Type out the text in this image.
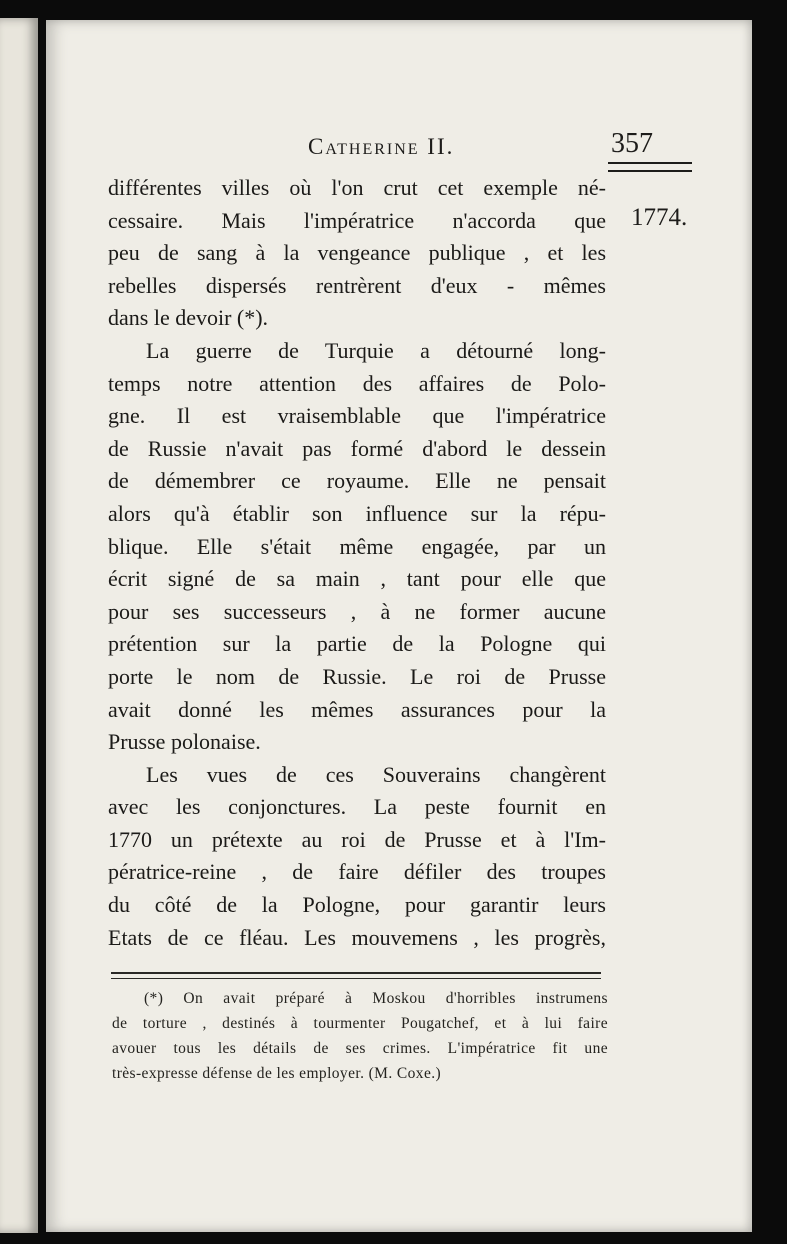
Catherine II.	357
1774.
différentes villes où l'on crut cet exemple né-
cessaire. Mais l'impératrice n'accorda que
peu de sang à la vengeance publique , et les
rebelles dispersés rentrèrent d'eux - mêmes
dans le devoir (*).
La guerre de Turquie a détourné long-
temps notre attention des affaires de Polo-
gne. Il est vraisemblable que l'impératrice
de Russie n'avait pas formé d'abord le dessein
de démembrer ce royaume. Elle ne pensait
alors qu'à établir son influence sur la répu-
blique. Elle s'était même engagée, par un
écrit signé de sa main , tant pour elle que
pour ses successeurs , à ne former aucune
prétention sur la partie de la Pologne qui
porte le nom de Russie. Le roi de Prusse
avait donné les mêmes assurances pour la
Prusse polonaise.
Les vues de ces Souverains changèrent
avec les conjonctures. La peste fournit en
1770 un prétexte au roi de Prusse et à l'Im-
pératrice-reine , de faire défiler des troupes
du côté de la Pologne, pour garantir leurs
Etats de ce fléau. Les mouvemens , les progrès,
(*) On avait préparé à Moskou d'horribles instrumens
de torture , destinés à tourmenter Pougatchef, et à lui faire
avouer tous les détails de ses crimes. L'impératrice fit une
très-expresse défense de les employer. (M. Coxe.)
